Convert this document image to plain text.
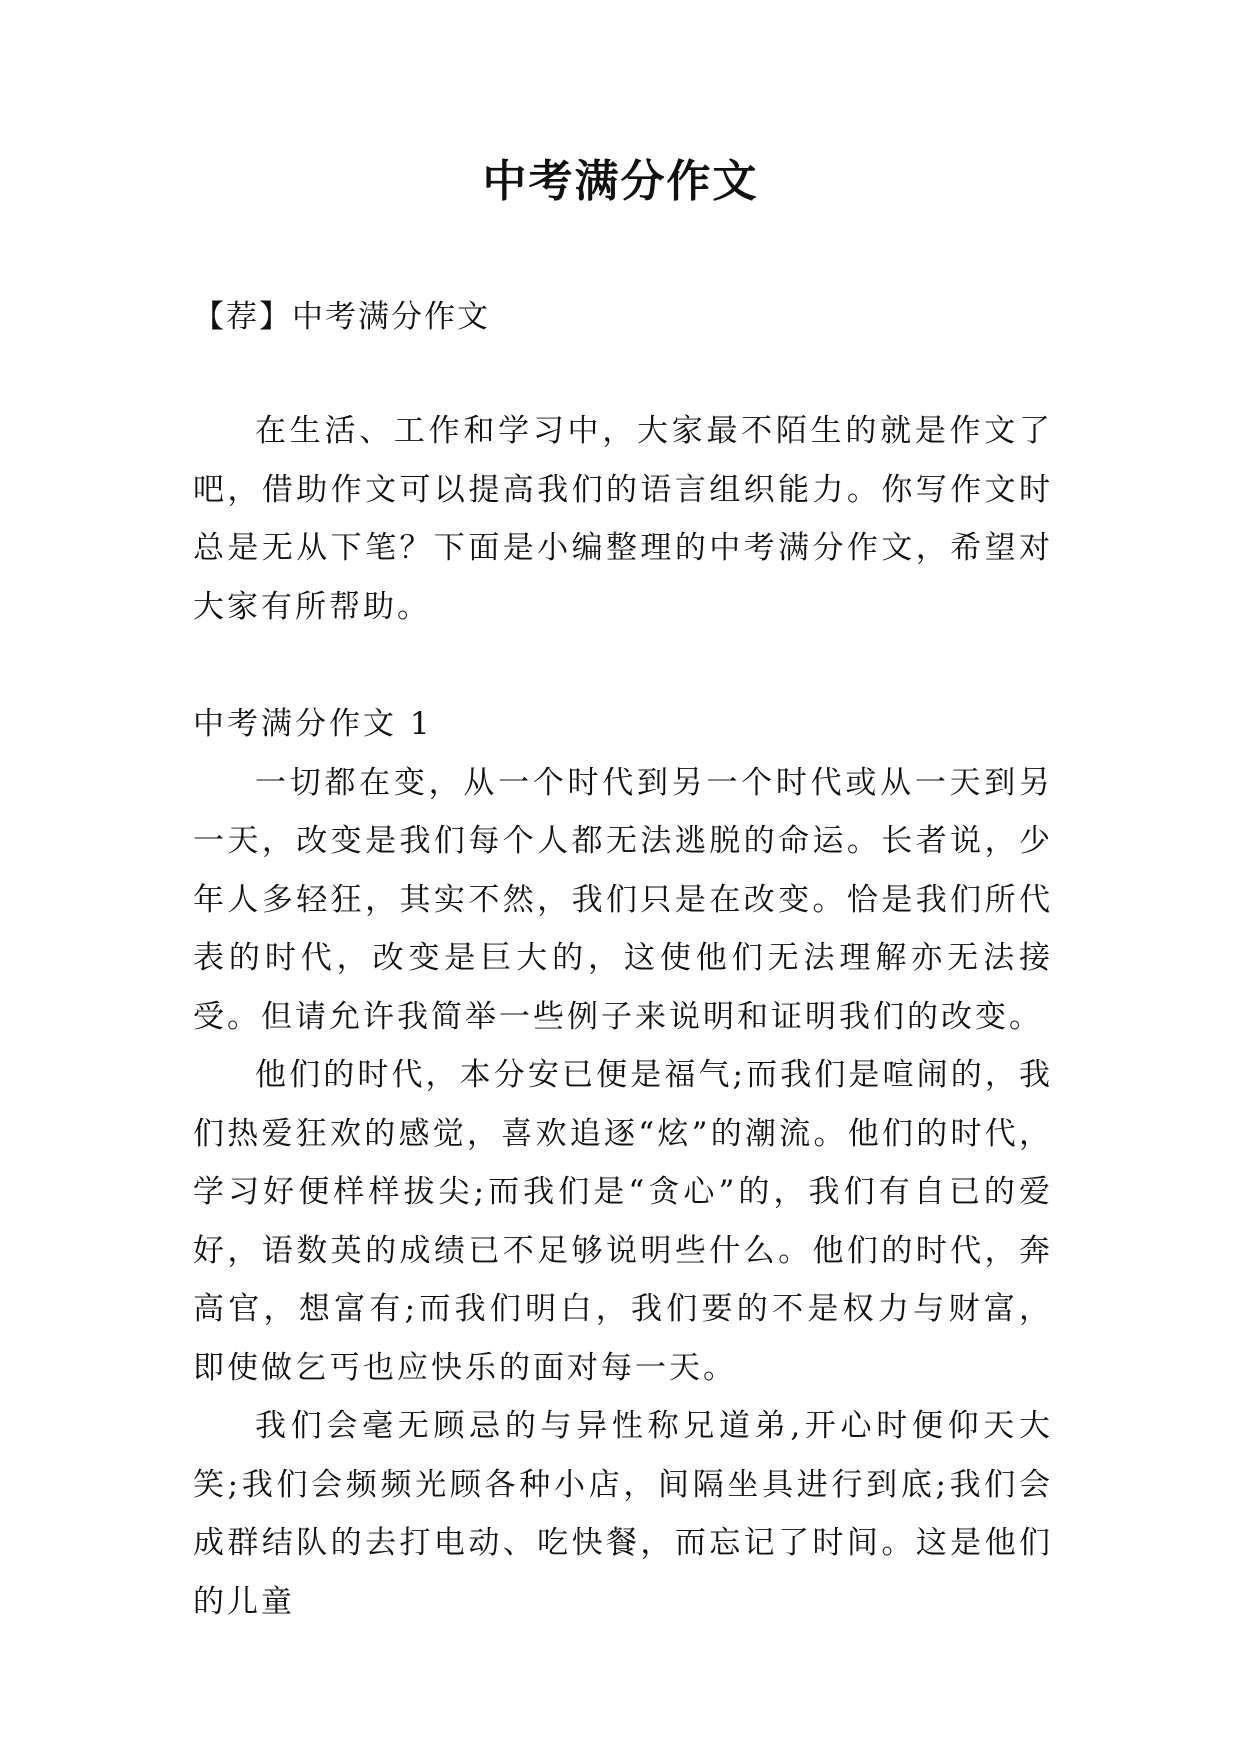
中考满分作文
【荐】中考满分作文

在生活、工作和学习中，大家最不陌生的就是作文了吧，借助作文可以提高我们的语言组织能力。你写作文时总是无从下笔？下面是小编整理的中考满分作文，希望对大家有所帮助。

中考满分作文 1

一切都在变，从一个时代到另一个时代或从一天到另一天，改变是我们每个人都无法逃脱的命运。长者说，少年人多轻狂，其实不然，我们只是在改变。恰是我们所代表的时代，改变是巨大的，这使他们无法理解亦无法接受。但请允许我简举一些例子来说明和证明我们的改变。

他们的时代，本分安已便是福气;而我们是喧闹的，我们热爱狂欢的感觉，喜欢追逐“炫”的潮流。他们的时代，学习好便样样拔尖;而我们是“贪心”的，我们有自已的爱好，语数英的成绩已不足够说明些什么。他们的时代，奔高官，想富有;而我们明白，我们要的不是权力与财富，即使做乞丐也应快乐的面对每一天。

我们会毫无顾忌的与异性称兄道弟,开心时便仰天大笑;我们会频频光顾各种小店，间隔坐具进行到底;我们会成群结队的去打电动、吃快餐，而忘记了时间。这是他们的儿童
